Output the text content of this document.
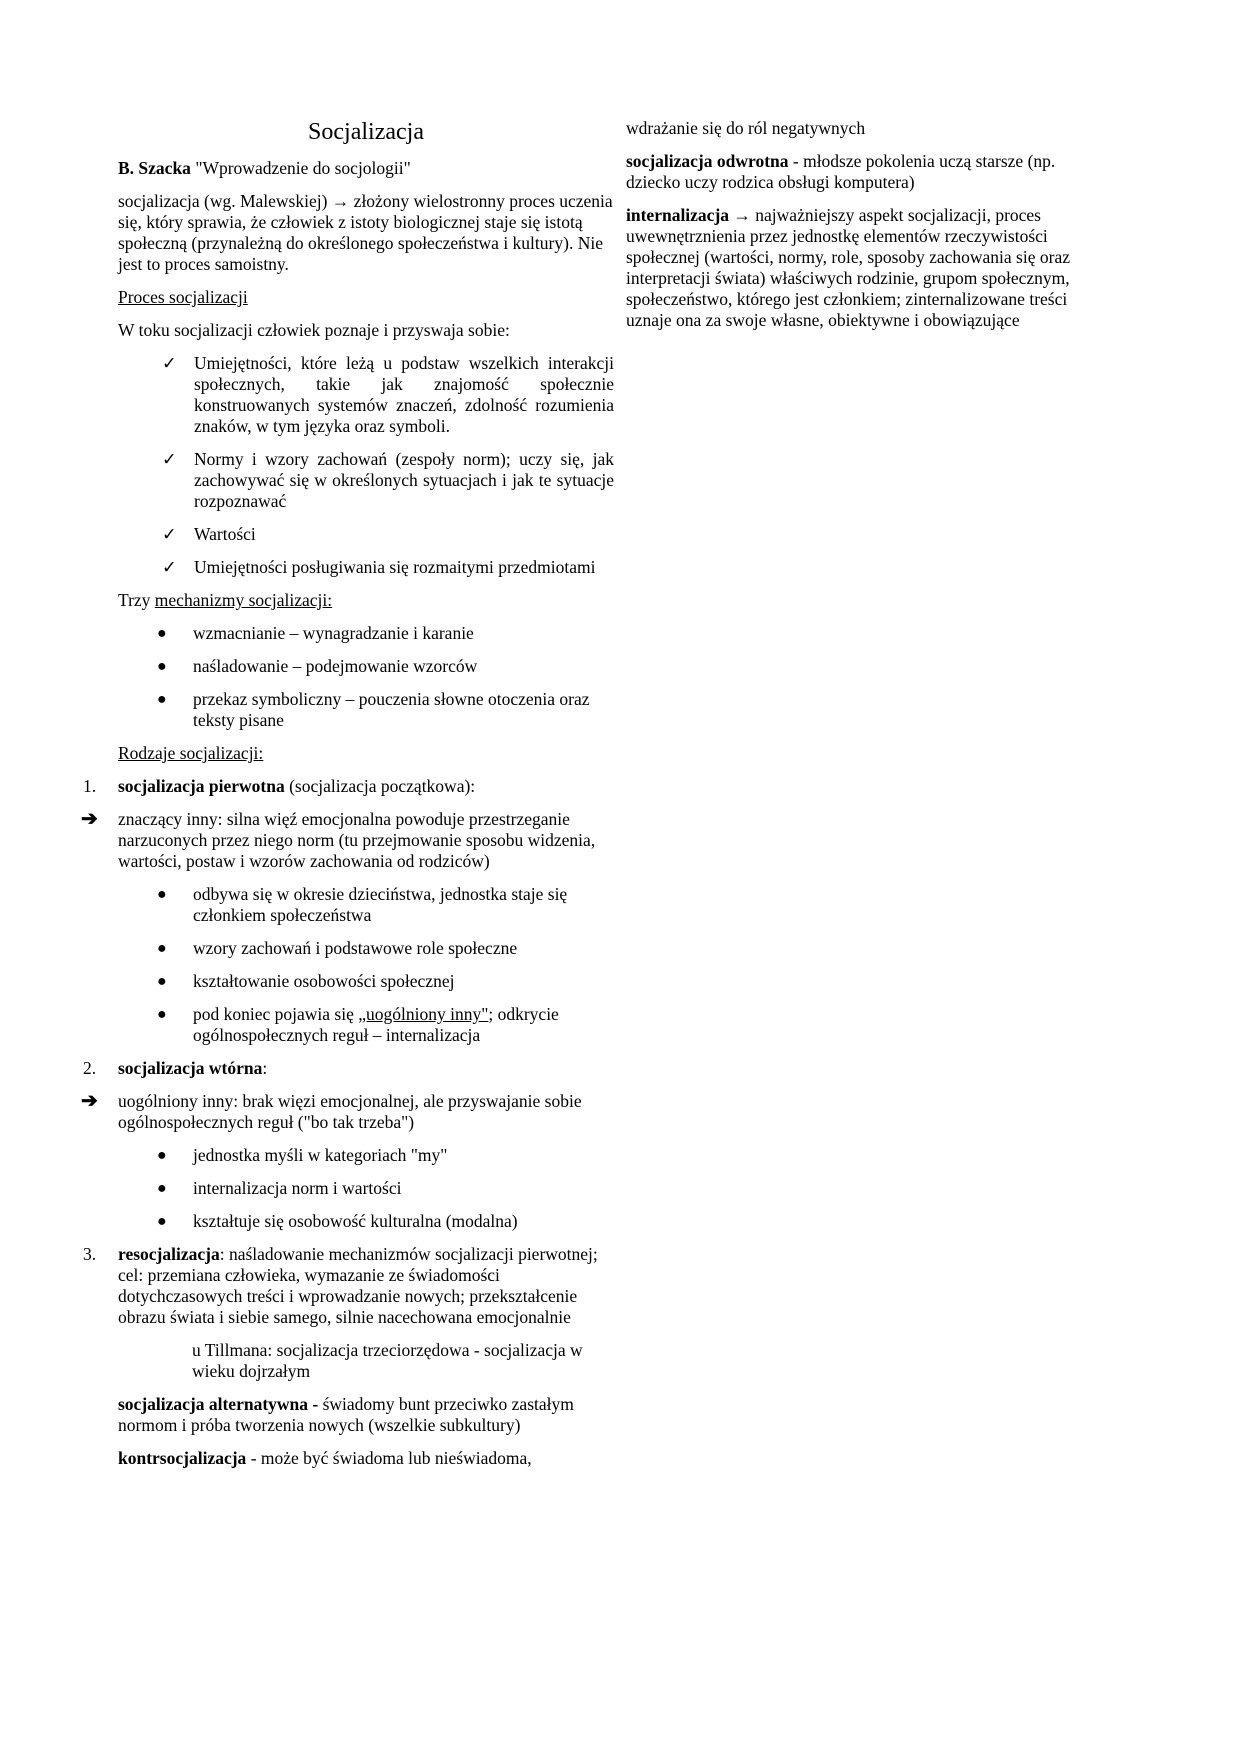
Socjalizacja

B. Szacka "Wprowadzenie do socjologii"

socjalizacja (wg. Malewskiej) → złożony wielostronny proces uczenia się, który sprawia, że człowiek z istoty biologicznej staje się istotą społeczną (przynależną do określonego społeczeństwa i kultury). Nie jest to proces samoistny.

Proces socjalizacji

W toku socjalizacji człowiek poznaje i przyswaja sobie:

✓ Umiejętności, które leżą u podstaw wszelkich interakcji społecznych, takie jak znajomość społecznie konstruowanych systemów znaczeń, zdolność rozumienia znaków, w tym języka oraz symboli.
✓ Normy i wzory zachowań (zespoły norm); uczy się, jak zachowywać się w określonych sytuacjach i jak te sytuacje rozpoznawać
✓ Wartości
✓ Umiejętności posługiwania się rozmaitymi przedmiotami

Trzy mechanizmy socjalizacji:

● wzmacnianie – wynagradzanie i karanie
● naśladowanie – podejmowanie wzorców
● przekaz symboliczny – pouczenia słowne otoczenia oraz teksty pisane

Rodzaje socjalizacji:

1. socjalizacja pierwotna (socjalizacja początkowa):

➔ znaczący inny: silna więź emocjonalna powoduje przestrzeganie narzuconych przez niego norm (tu przejmowanie sposobu widzenia, wartości, postaw i wzorów zachowania od rodziców)

● odbywa się w okresie dzieciństwa, jednostka staje się członkiem społeczeństwa
● wzory zachowań i podstawowe role społeczne
● kształtowanie osobowości społecznej
● pod koniec pojawia się „uogólniony inny"; odkrycie ogólnospołecznych reguł – internalizacja

2. socjalizacja wtórna:

➔ uogólniony inny: brak więzi emocjonalnej, ale przyswajanie sobie ogólnospołecznych reguł ("bo tak trzeba")

● jednostka myśli w kategoriach "my"
● internalizacja norm i wartości
● kształtuje się osobowość kulturalna (modalna)

3. resocjalizacja: naśladowanie mechanizmów socjalizacji pierwotnej; cel: przemiana człowieka, wymazanie ze świadomości dotychczasowych treści i wprowadzanie nowych; przekształcenie obrazu świata i siebie samego, silnie nacechowana emocjonalnie

u Tillmana: socjalizacja trzeciorzędowa - socjalizacja w wieku dojrzałym

socjalizacja alternatywna - świadomy bunt przeciwko zastałym normom i próba tworzenia nowych (wszelkie subkultury)

kontrsocjalizacja - może być świadoma lub nieświadoma,

wdrażanie się do ról negatywnych

socjalizacja odwrotna - młodsze pokolenia uczą starsze (np. dziecko uczy rodzica obsługi komputera)

internalizacja → najważniejszy aspekt socjalizacji, proces uwewnętrznienia przez jednostkę elementów rzeczywistości społecznej (wartości, normy, role, sposoby zachowania się oraz interpretacji świata) właściwych rodzinie, grupom społecznym, społeczeństwo, którego jest członkiem; zinternalizowane treści uznaje ona za swoje własne, obiektywne i obowiązujące
